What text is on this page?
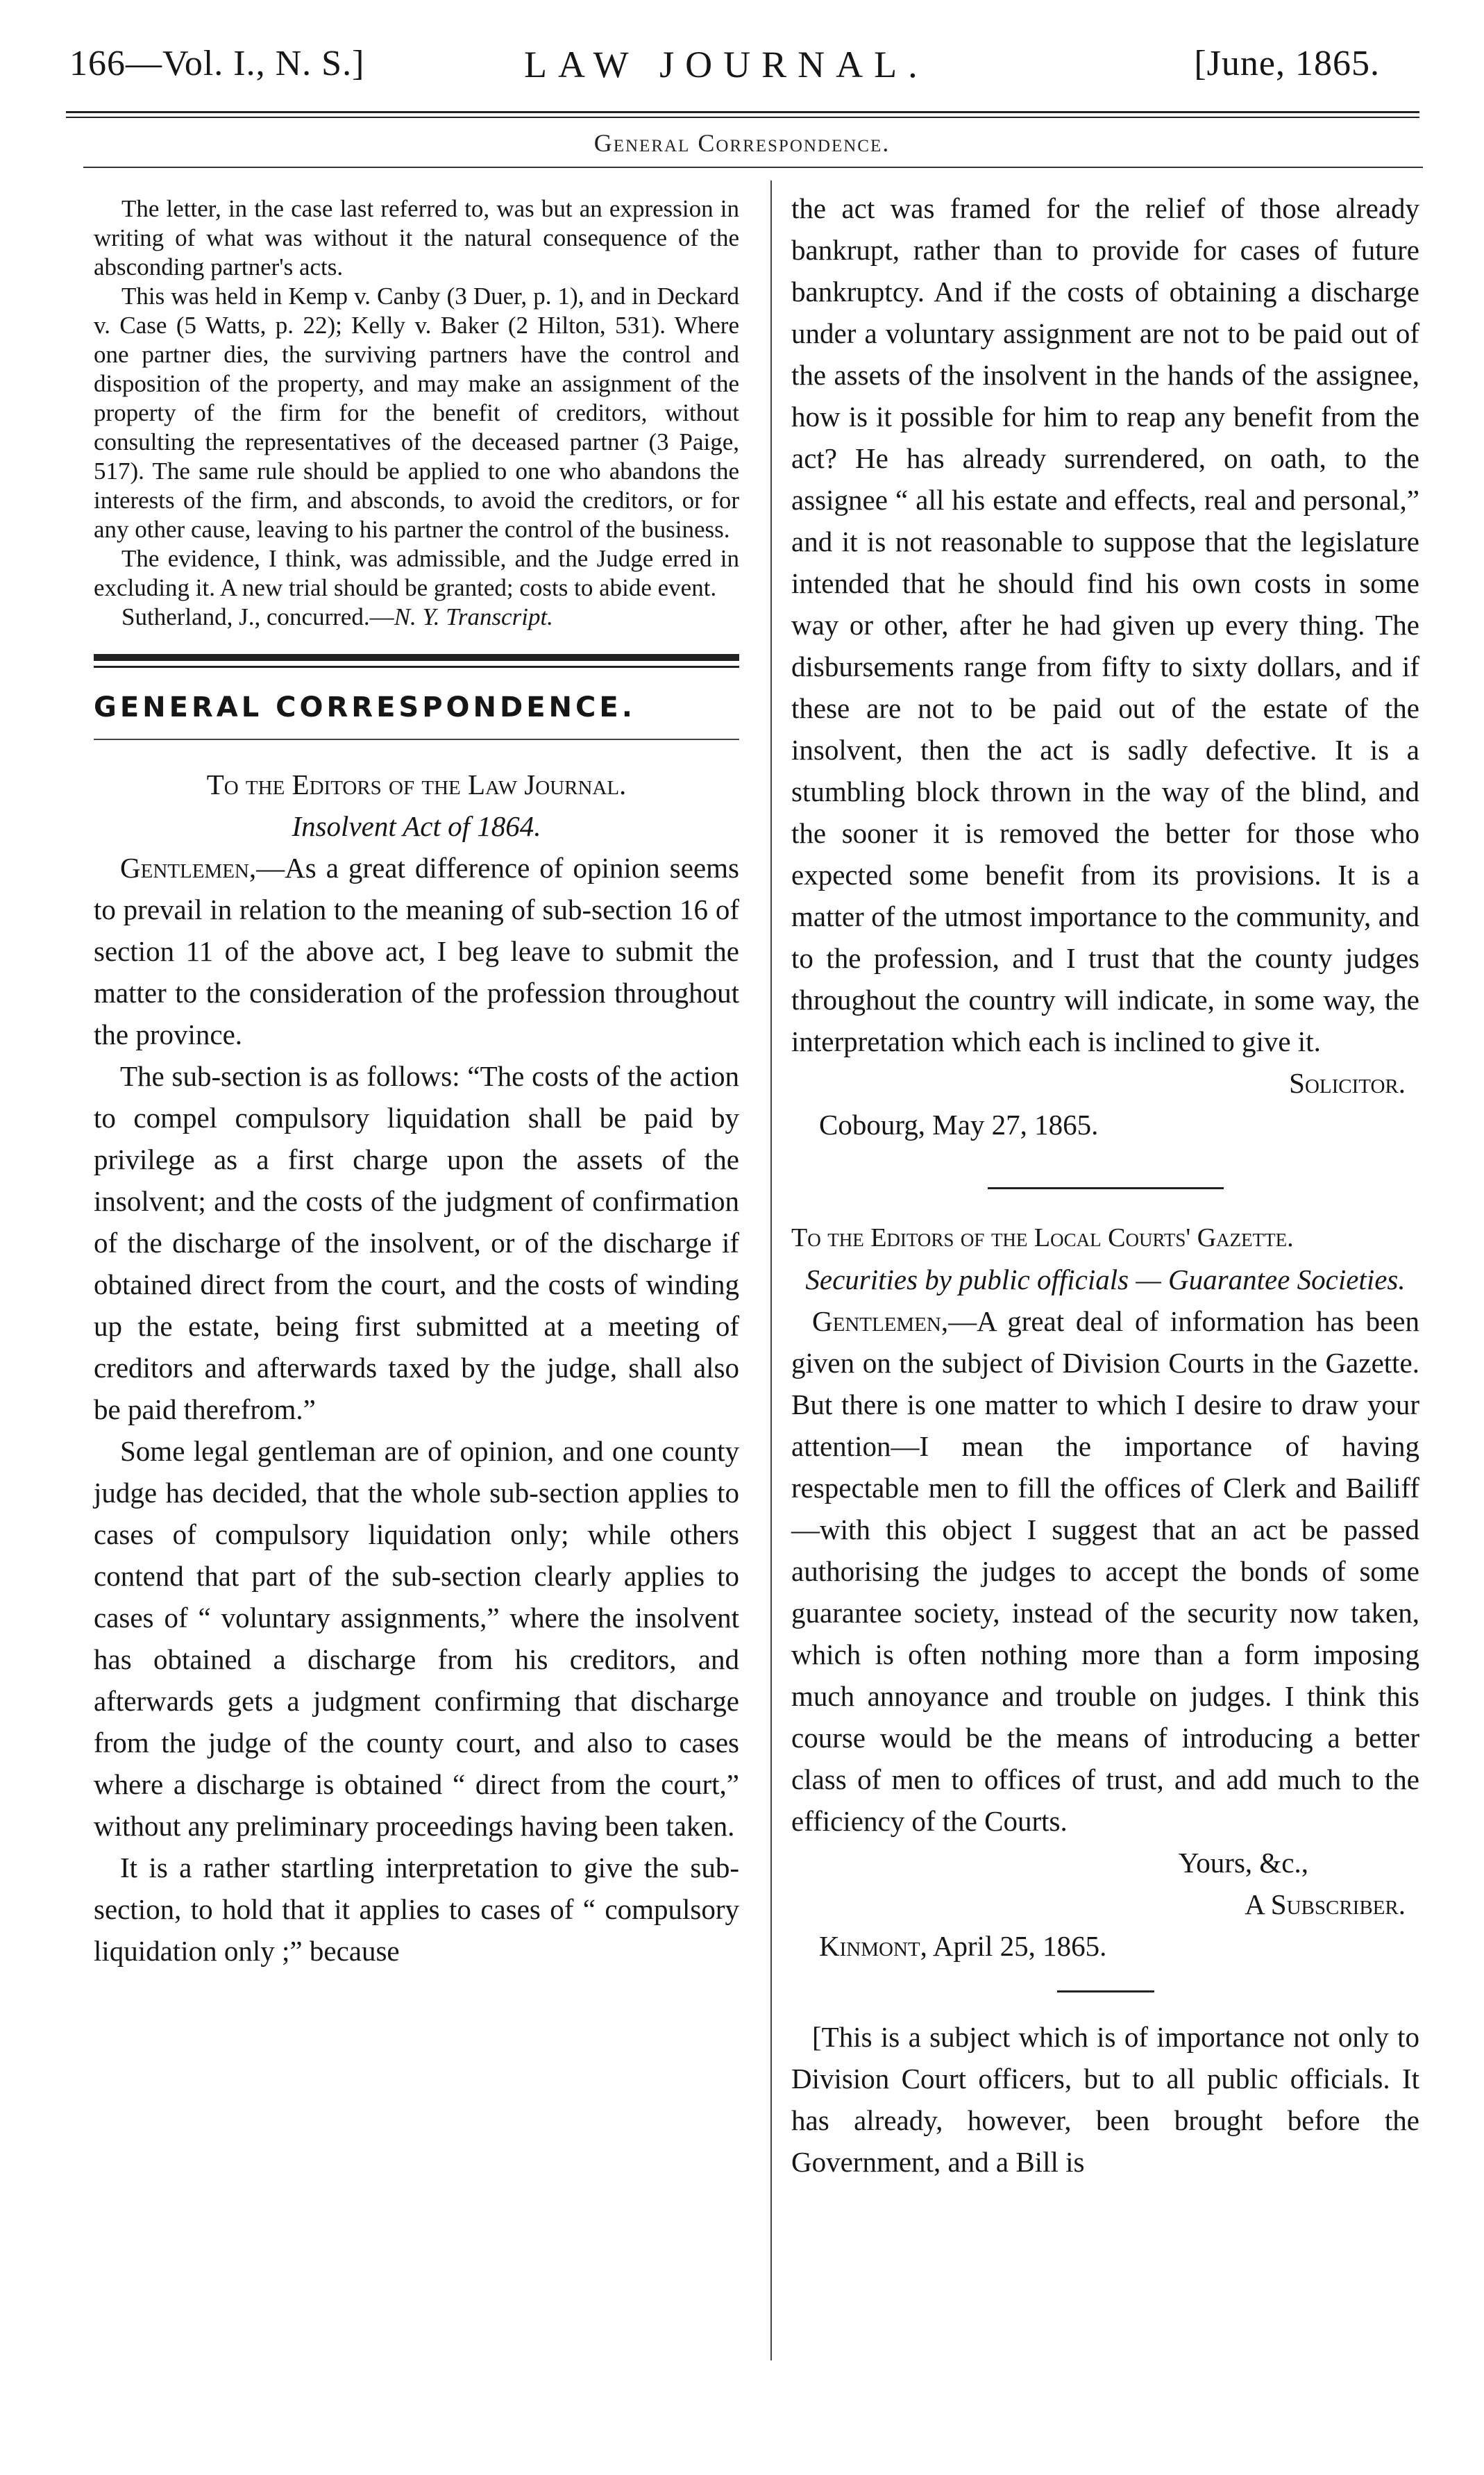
166—Vol. I., N. S.]	LAW JOURNAL.	[June, 1865.
General Correspondence.

The letter, in the case last referred to, was but an expression in writing of what was without it the natural consequence of the absconding partner's acts.

This was held in Kemp v. Canby (3 Duer, p. 1), and in Deckard v. Case (5 Watts, p. 22); Kelly v. Baker (2 Hilton, 531). Where one partner dies, the surviving partners have the control and disposition of the property, and may make an assignment of the property of the firm for the benefit of creditors, without consulting the representatives of the deceased partner (3 Paige, 517). The same rule should be applied to one who abandons the interests of the firm, and absconds, to avoid the creditors, or for any other cause, leaving to his partner the control of the business.

The evidence, I think, was admissible, and the Judge erred in excluding it. A new trial should be granted; costs to abide event.

Sutherland, J., concurred.—N. Y. Transcript.

GENERAL CORRESPONDENCE.

To the Editors of the Law Journal.

Insolvent Act of 1864.

Gentlemen,—As a great difference of opinion seems to prevail in relation to the meaning of sub-section 16 of section 11 of the above act, I beg leave to submit the matter to the consideration of the profession throughout the province.

The sub-section is as follows: “The costs of the action to compel compulsory liquidation shall be paid by privilege as a first charge upon the assets of the insolvent; and the costs of the judgment of confirmation of the discharge of the insolvent, or of the discharge if obtained direct from the court, and the costs of winding up the estate, being first submitted at a meeting of creditors and afterwards taxed by the judge, shall also be paid therefrom.”

Some legal gentleman are of opinion, and one county judge has decided, that the whole sub-section applies to cases of compulsory liquidation only; while others contend that part of the sub-section clearly applies to cases of “ voluntary assignments,” where the insolvent has obtained a discharge from his creditors, and afterwards gets a judgment confirming that discharge from the judge of the county court, and also to cases where a discharge is obtained “ direct from the court,” without any preliminary proceedings having been taken.

It is a rather startling interpretation to give the sub-section, to hold that it applies to cases of “ compulsory liquidation only ;” because

the act was framed for the relief of those already bankrupt, rather than to provide for cases of future bankruptcy. And if the costs of obtaining a discharge under a voluntary assignment are not to be paid out of the assets of the insolvent in the hands of the assignee, how is it possible for him to reap any benefit from the act? He has already surrendered, on oath, to the assignee “ all his estate and effects, real and personal,” and it is not reasonable to suppose that the legislature intended that he should find his own costs in some way or other, after he had given up every thing. The disbursements range from fifty to sixty dollars, and if these are not to be paid out of the estate of the insolvent, then the act is sadly defective. It is a stumbling block thrown in the way of the blind, and the sooner it is removed the better for those who expected some benefit from its provisions. It is a matter of the utmost importance to the community, and to the profession, and I trust that the county judges throughout the country will indicate, in some way, the interpretation which each is inclined to give it.

Solicitor.

Cobourg, May 27, 1865.

To the Editors of the Local Courts' Gazette.

Securities by public officials — Guarantee Societies.

Gentlemen,—A great deal of information has been given on the subject of Division Courts in the Gazette. But there is one matter to which I desire to draw your attention—I mean the importance of having respectable men to fill the offices of Clerk and Bailiff—with this object I suggest that an act be passed authorising the judges to accept the bonds of some guarantee society, instead of the security now taken, which is often nothing more than a form imposing much annoyance and trouble on judges. I think this course would be the means of introducing a better class of men to offices of trust, and add much to the efficiency of the Courts.

Yours, &c.,

A Subscriber.

Kinmont, April 25, 1865.

[This is a subject which is of importance not only to Division Court officers, but to all public officials. It has already, however, been brought before the Government, and a Bill is
